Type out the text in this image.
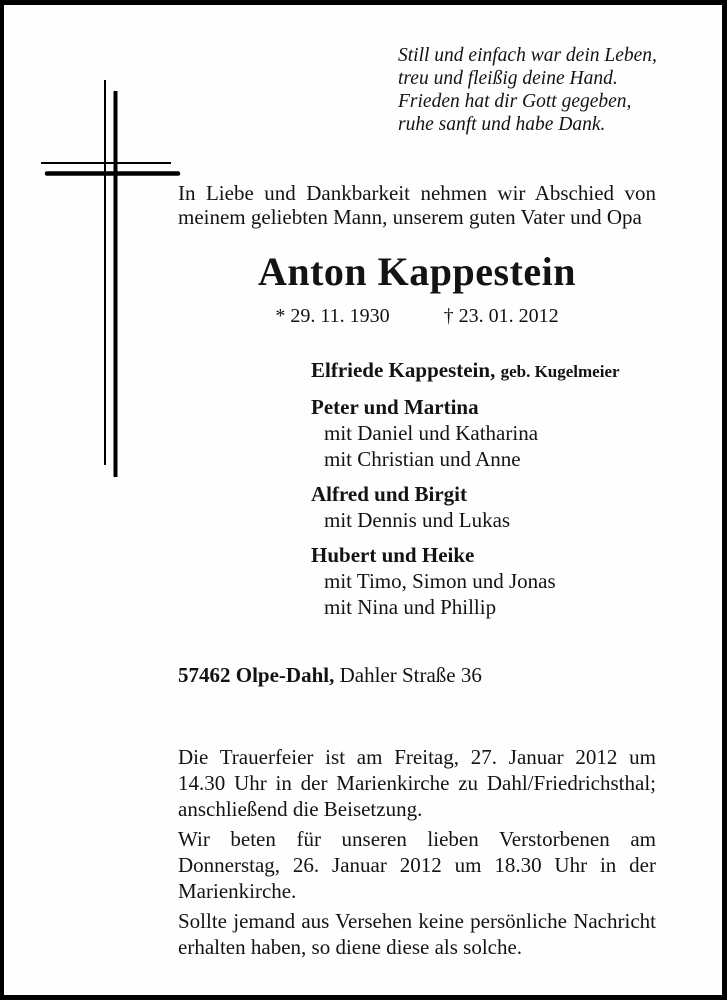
Still und einfach war dein Leben,
treu und fleißig deine Hand.
Frieden hat dir Gott gegeben,
ruhe sanft und habe Dank.
In Liebe und Dankbarkeit nehmen wir Abschied von meinem geliebten Mann, unserem guten Vater und Opa
Anton Kappestein
* 29. 11. 1930	† 23. 01. 2012
Elfriede Kappestein, geb. Kugelmeier
Peter und Martina
mit Daniel und Katharina
mit Christian und Anne
Alfred und Birgit
mit Dennis und Lukas
Hubert und Heike
mit Timo, Simon und Jonas
mit Nina und Phillip
57462 Olpe-Dahl, Dahler Straße 36

Die Trauerfeier ist am Freitag, 27. Januar 2012 um 14.30 Uhr in der Marienkirche zu Dahl/Friedrichsthal; anschließend die Beisetzung.

Wir beten für unseren lieben Verstorbenen am Donnerstag, 26. Januar 2012 um 18.30 Uhr in der Marienkirche.

Sollte jemand aus Versehen keine persönliche Nachricht erhalten haben, so diene diese als solche.
